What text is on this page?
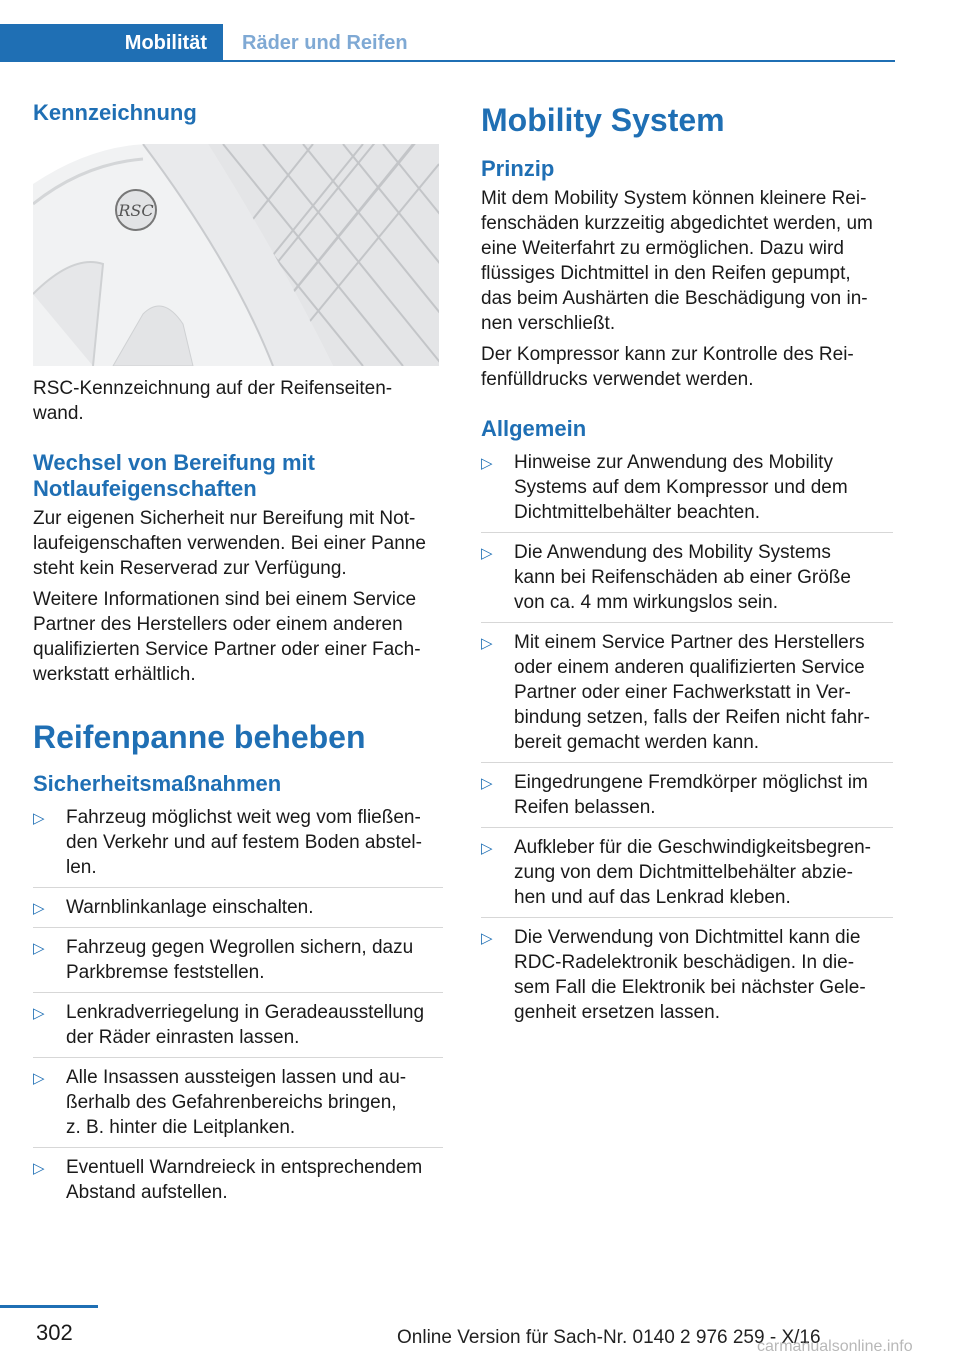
Mobilität	Räder und Reifen
Kennzeichnung
RSC

RSC-Kennzeichnung auf der Reifenseiten‐
wand.

Wechsel von Bereifung mit
Notlaufeigenschaften

Zur eigenen Sicherheit nur Bereifung mit Not‐
laufeigenschaften verwenden. Bei einer Panne
steht kein Reserverad zur Verfügung.

Weitere Informationen sind bei einem Service
Partner des Herstellers oder einem anderen
qualifizierten Service Partner oder einer Fach‐
werkstatt erhältlich.

Reifenpanne beheben
Sicherheitsmaßnahmen
▷ Fahrzeug möglichst weit weg vom fließen‐
den Verkehr und auf festem Boden abstel‐
len.
▷ Warnblinkanlage einschalten.
▷ Fahrzeug gegen Wegrollen sichern, dazu
Parkbremse feststellen.
▷ Lenkradverriegelung in Geradeausstellung
der Räder einrasten lassen.
▷ Alle Insassen aussteigen lassen und au‐
ßerhalb des Gefahrenbereichs bringen,
z. B. hinter die Leitplanken.
▷ Eventuell Warndreieck in entsprechendem
Abstand aufstellen.
Mobility System
Prinzip

Mit dem Mobility System können kleinere Rei‐
fenschäden kurzzeitig abgedichtet werden, um
eine Weiterfahrt zu ermöglichen. Dazu wird
flüssiges Dichtmittel in den Reifen gepumpt,
das beim Aushärten die Beschädigung von in‐
nen verschließt.

Der Kompressor kann zur Kontrolle des Rei‐
fenfülldrucks verwendet werden.

Allgemein
▷ Hinweise zur Anwendung des Mobility
Systems auf dem Kompressor und dem
Dichtmittelbehälter beachten.
▷ Die Anwendung des Mobility Systems
kann bei Reifenschäden ab einer Größe
von ca. 4 mm wirkungslos sein.
▷ Mit einem Service Partner des Herstellers
oder einem anderen qualifizierten Service
Partner oder einer Fachwerkstatt in Ver‐
bindung setzen, falls der Reifen nicht fahr‐
bereit gemacht werden kann.
▷ Eingedrungene Fremdkörper möglichst im
Reifen belassen.
▷ Aufkleber für die Geschwindigkeitsbegren‐
zung von dem Dichtmittelbehälter abzie‐
hen und auf das Lenkrad kleben.
▷ Die Verwendung von Dichtmittel kann die
RDC-Radelektronik beschädigen. In die‐
sem Fall die Elektronik bei nächster Gele‐
genheit ersetzen lassen.
302	Online Version für Sach-Nr. 0140 2 976 259 - X/16
carmanualsonline.info
